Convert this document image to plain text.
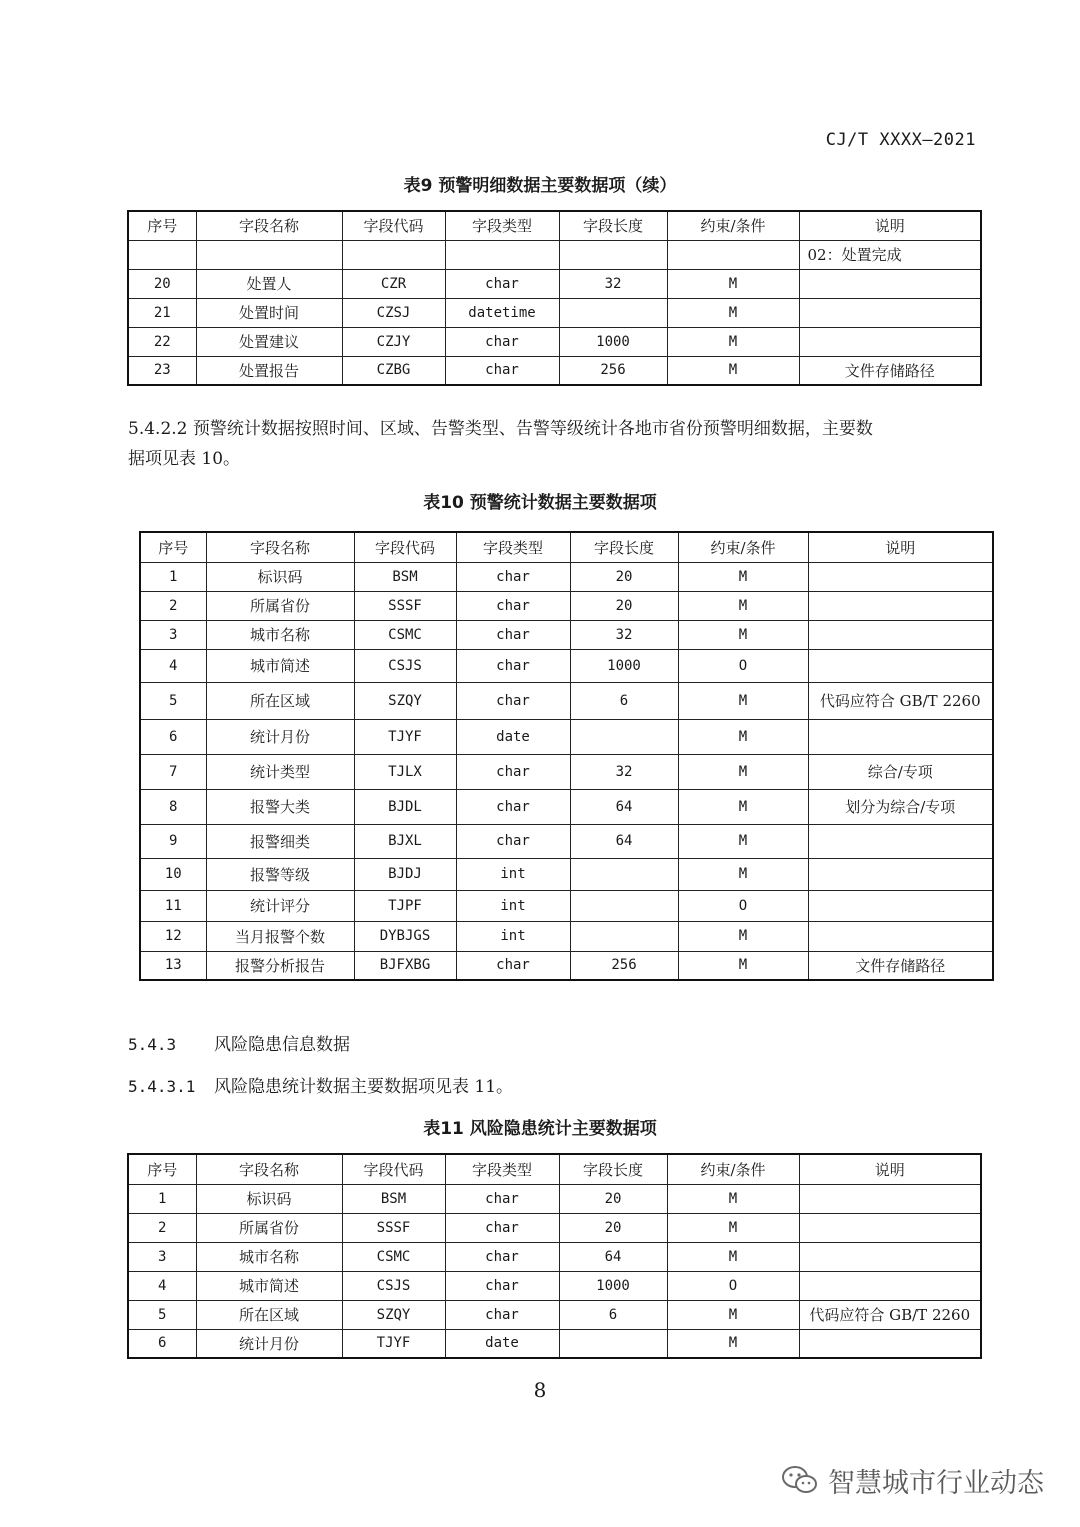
CJ/T XXXX—2021
表9 预警明细数据主要数据项（续）
序号	字段名称	字段代码	字段类型	字段长度	约束/条件	说明
						02：处置完成
20	处置人	CZR	char	32	M	
21	处置时间	CZSJ	datetime		M	
22	处置建议	CZJY	char	1000	M	
23	处置报告	CZBG	char	256	M	文件存储路径
5.4.2.2 预警统计数据按照时间、区域、告警类型、告警等级统计各地市省份预警明细数据，主要数
据项见表 10。
表10 预警统计数据主要数据项
序号	字段名称	字段代码	字段类型	字段长度	约束/条件	说明
1	标识码	BSM	char	20	M	
2	所属省份	SSSF	char	20	M	
3	城市名称	CSMC	char	32	M	
4	城市简述	CSJS	char	1000	O	
5	所在区域	SZQY	char	6	M	代码应符合 GB/T 2260
6	统计月份	TJYF	date		M	
7	统计类型	TJLX	char	32	M	综合/专项
8	报警大类	BJDL	char	64	M	划分为综合/专项
9	报警细类	BJXL	char	64	M	
10	报警等级	BJDJ	int		M	
11	统计评分	TJPF	int		O	
12	当月报警个数	DYBJGS	int		M	
13	报警分析报告	BJFXBG	char	256	M	文件存储路径
5.4.3 风险隐患信息数据
5.4.3.1 风险隐患统计数据主要数据项见表 11。
表11 风险隐患统计主要数据项
序号	字段名称	字段代码	字段类型	字段长度	约束/条件	说明
1	标识码	BSM	char	20	M	
2	所属省份	SSSF	char	20	M	
3	城市名称	CSMC	char	64	M	
4	城市简述	CSJS	char	1000	O	
5	所在区域	SZQY	char	6	M	代码应符合 GB/T 2260
6	统计月份	TJYF	date		M	
8
智慧城市行业动态
